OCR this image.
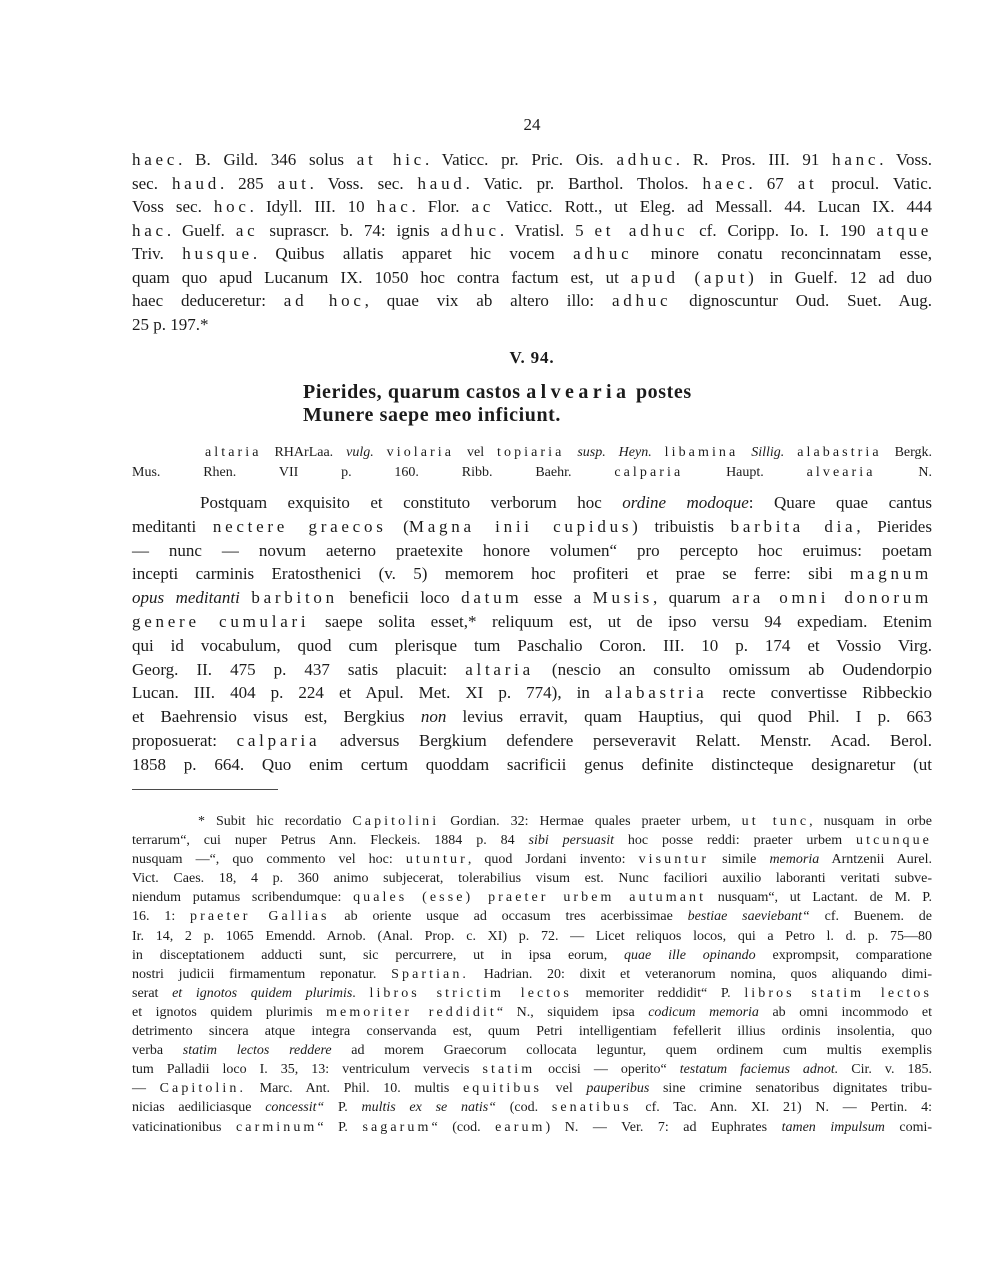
24
haec. B. Gild. 346 solus at hic. Vaticc. pr. Pric. Ois. adhuc. R. Pros. III. 91 hanc. Voss.
sec. haud. 285 aut. Voss. sec. haud. Vatic. pr. Barthol. Tholos. haec. 67 at procul. Vatic.
Voss sec. hoc. Idyll. III. 10 hac. Flor. ac Vaticc. Rott., ut Eleg. ad Messall. 44. Lucan IX. 444
hac. Guelf. ac suprascr. b. 74: ignis adhuc. Vratisl. 5 et adhuc cf. Coripp. Io. I. 190 atque
Triv. husque. Quibus allatis apparet hic vocem adhuc minore conatu reconcinnatam esse,
quam quo apud Lucanum IX. 1050 hoc contra factum est, ut apud (aput) in Guelf. 12 ad duo
haec deduceretur: ad hoc, quae vix ab altero illo: adhuc dignoscuntur Oud. Suet. Aug.
25 p. 197.*
V. 94.
Pierides, quarum castos alvearia postes
Munere saepe meo inficiunt.
altaria RHArLaa. vulg. violaria vel topiaria susp. Heyn. libamina Sillig. alabastria Bergk.
Mus. Rhen. VII p. 160. Ribb. Baehr. calparia Haupt. alvearia N.
Postquam exquisito et constituto verborum hoc ordine modoque: Quare quae cantus
meditanti nectere graecos (Magna inii cupidus) tribuistis barbita dia, Pierides
— nunc — novum aeterno praetexite honore volumen“ pro percepto hoc eruimus: poetam
incepti carminis Eratosthenici (v. 5) memorem hoc profiteri et prae se ferre: sibi magnum
opus meditanti barbiton beneficii loco datum esse a Musis, quarum ara omni donorum
genere cumulari saepe solita esset,* reliquum est, ut de ipso versu 94 expediam. Etenim
qui id vocabulum, quod cum plerisque tum Paschalio Coron. III. 10 p. 174 et Vossio Virg.
Georg. II. 475 p. 437 satis placuit: altaria (nescio an consulto omissum ab Oudendorpio
Lucan. III. 404 p. 224 et Apul. Met. XI p. 774), in alabastria recte convertisse Ribbeckio
et Baehrensio visus est, Bergkius non levius erravit, quam Hauptius, qui quod Phil. I p. 663
proposuerat: calparia adversus Bergkium defendere perseveravit Relatt. Menstr. Acad. Berol.
1858 p. 664. Quo enim certum quoddam sacrificii genus definite distincteque designaretur (ut
* Subit hic recordatio Capitolini Gordian. 32: Hermae quales praeter urbem, ut tunc, nusquam in orbe
terrarum“, cui nuper Petrus Ann. Fleckeis. 1884 p. 84 sibi persuasit hoc posse reddi: praeter urbem utcunque
nusquam —“, quo commento vel hoc: utuntur, quod Jordani invento: visuntur simile memoria Arntzenii Aurel.
Vict. Caes. 18, 4 p. 360 animo subjecerat, tolerabilius visum est. Nunc faciliori auxilio laboranti veritati subve-
niendum putamus scribendumque: quales (esse) praeter urbem autumant nusquam“, ut Lactant. de M. P.
16. 1: praeter Gallias ab oriente usque ad occasum tres acerbissimae bestiae saeviebant“ cf. Buenem. de
Ir. 14, 2 p. 1065 Emendd. Arnob. (Anal. Prop. c. XI) p. 72. — Licet reliquos locos, qui a Petro l. d. p. 75—80
in disceptationem adducti sunt, sic percurrere, ut in ipsa eorum, quae ille opinando exprompsit, comparatione
nostri judicii firmamentum reponatur. Spartian. Hadrian. 20: dixit et veteranorum nomina, quos aliquando dimi-
serat et ignotos quidem plurimis. libros strictim lectos memoriter reddidit“ P. libros statim lectos
et ignotos quidem plurimis memoriter reddidit“ N., siquidem ipsa codicum memoria ab omni incommodo et
detrimento sincera atque integra conservanda est, quum Petri intelligentiam fefellerit illius ordinis insolentia, quo
verba statim lectos reddere ad morem Graecorum collocata leguntur, quem ordinem cum multis exemplis
tum Palladii loco I. 35, 13: ventriculum vervecis statim occisi — operito“ testatum faciemus adnot. Cir. v. 185.
— Capitolin. Marc. Ant. Phil. 10. multis equitibus vel pauperibus sine crimine senatoribus dignitates tribu-
nicias aediliciasque concessit“ P. multis ex se natis“ (cod. senatibus cf. Tac. Ann. XI. 21) N. — Pertin. 4:
vaticinationibus carminum“ P. sagarum“ (cod. earum) N. — Ver. 7: ad Euphrates tamen impulsum comi-
